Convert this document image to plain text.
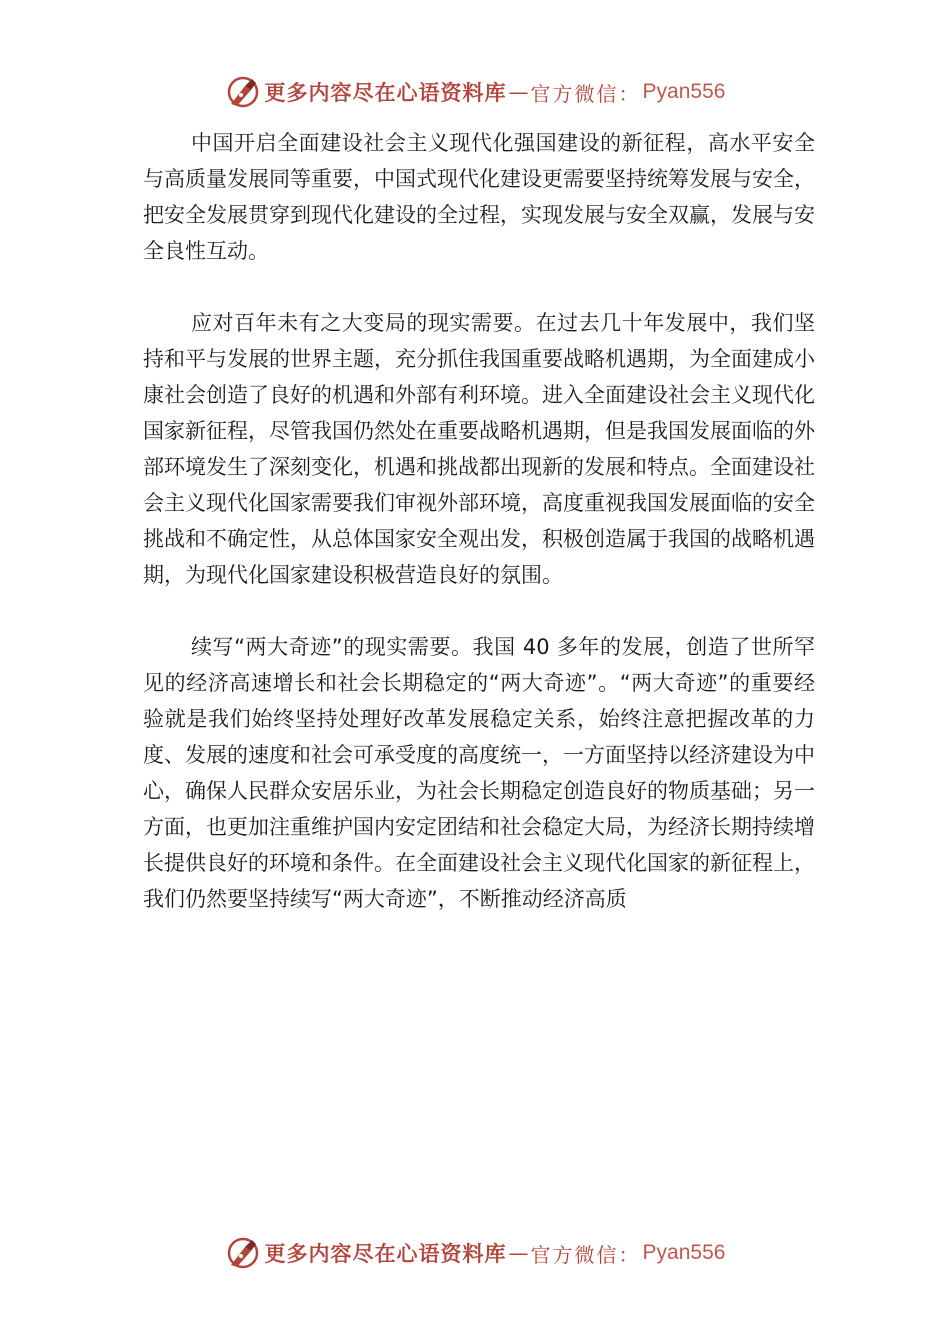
更多内容尽在心语资料库 — 官方微信： Pyan556

中国开启全面建设社会主义现代化强国建设的新征程，高水平安全与高质量发展同等重要，中国式现代化建设更需要坚持统筹发展与安全，把安全发展贯穿到现代化建设的全过程，实现发展与安全双赢，发展与安全良性互动。

应对百年未有之大变局的现实需要。在过去几十年发展中，我们坚持和平与发展的世界主题，充分抓住我国重要战略机遇期，为全面建成小康社会创造了良好的机遇和外部有利环境。进入全面建设社会主义现代化国家新征程，尽管我国仍然处在重要战略机遇期，但是我国发展面临的外部环境发生了深刻变化，机遇和挑战都出现新的发展和特点。全面建设社会主义现代化国家需要我们审视外部环境，高度重视我国发展面临的安全挑战和不确定性，从总体国家安全观出发，积极创造属于我国的战略机遇期，为现代化国家建设积极营造良好的氛围。

续写“两大奇迹”的现实需要。我国 40 多年的发展，创造了世所罕见的经济高速增长和社会长期稳定的“两大奇迹”。“两大奇迹”的重要经验就是我们始终坚持处理好改革发展稳定关系，始终注意把握改革的力度、发展的速度和社会可承受度的高度统一，一方面坚持以经济建设为中心，确保人民群众安居乐业，为社会长期稳定创造良好的物质基础；另一方面，也更加注重维护国内安定团结和社会稳定大局，为经济长期持续增长提供良好的环境和条件。在全面建设社会主义现代化国家的新征程上，我们仍然要坚持续写“两大奇迹”，不断推动经济高质

更多内容尽在心语资料库 — 官方微信： Pyan556
